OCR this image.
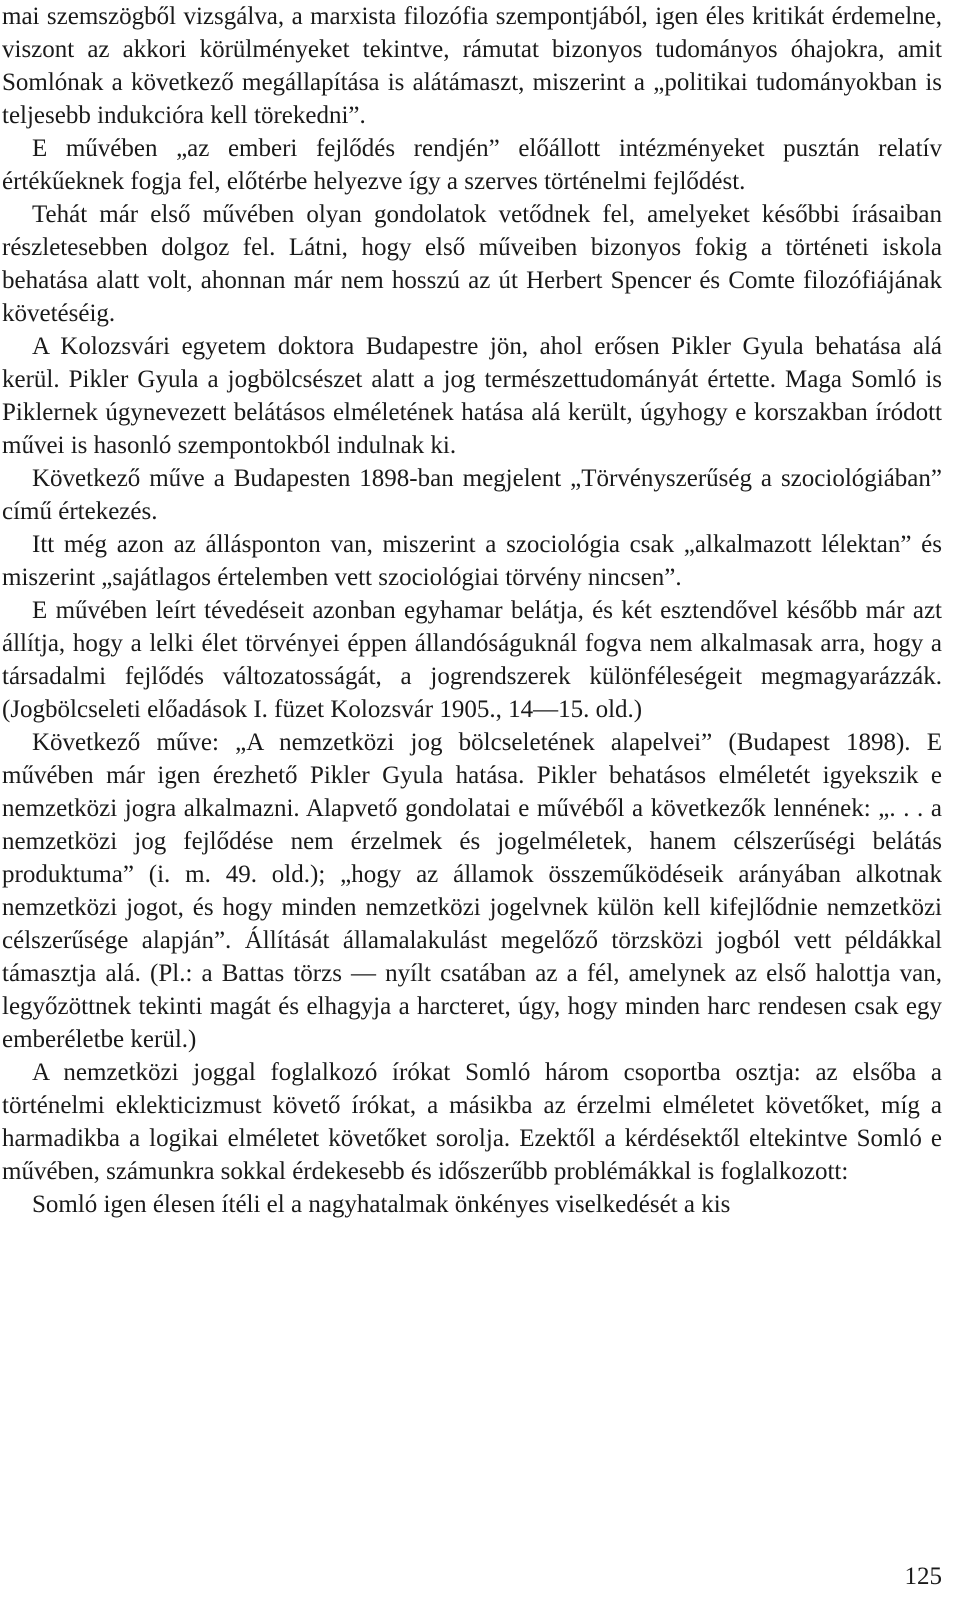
mai szemszögből vizsgálva, a marxista filozófia szempontjából, igen éles kritikát érdemelne, viszont az akkori körülményeket tekintve, rámutat bizonyos tudományos óhajokra, amit Somlónak a következő megállapítása is alátámaszt, miszerint a „politikai tudományokban is teljesebb indukcióra kell törekedni”.

E művében „az emberi fejlődés rendjén” előállott intézményeket pusztán relatív értékűeknek fogja fel, előtérbe helyezve így a szerves történelmi fejlődést.

Tehát már első művében olyan gondolatok vetődnek fel, amelyeket későbbi írásaiban részletesebben dolgoz fel. Látni, hogy első műveiben bizonyos fokig a történeti iskola behatása alatt volt, ahonnan már nem hosszú az út Herbert Spencer és Comte filozófiájának követéséig.

A Kolozsvári egyetem doktora Budapestre jön, ahol erősen Pikler Gyula behatása alá kerül. Pikler Gyula a jogbölcsészet alatt a jog természettudományát értette. Maga Somló is Piklernek úgynevezett belátásos elméletének hatása alá került, úgyhogy e korszakban íródott művei is hasonló szempontokból indulnak ki.

Következő műve a Budapesten 1898-ban megjelent „Törvényszerűség a szociológiában” című értekezés.

Itt még azon az állásponton van, miszerint a szociológia csak „alkalmazott lélektan” és miszerint „sajátlagos értelemben vett szociológiai törvény nincsen”.

E művében leírt tévedéseit azonban egyhamar belátja, és két esztendővel később már azt állítja, hogy a lelki élet törvényei éppen állandóságuknál fogva nem alkalmasak arra, hogy a társadalmi fejlődés változatosságát, a jogrendszerek különféleségeit megmagyarázzák. (Jogbölcseleti előadások I. füzet Kolozsvár 1905., 14—15. old.)

Következő műve: „A nemzetközi jog bölcseletének alapelvei” (Budapest 1898). E művében már igen érezhető Pikler Gyula hatása. Pikler behatásos elméletét igyekszik e nemzetközi jogra alkalmazni. Alapvető gondolatai e művéből a következők lennének: „. . . a nemzetközi jog fejlődése nem érzelmek és jogelméletek, hanem célszerűségi belátás produktuma” (i. m. 49. old.); „hogy az államok összeműködéseik arányában alkotnak nemzetközi jogot, és hogy minden nemzetközi jogelvnek külön kell kifejlődnie nemzetközi célszerűsége alapján”. Állítását államalakulást megelőző törzsközi jogból vett példákkal támasztja alá. (Pl.: a Battas törzs — nyílt csatában az a fél, amelynek az első halottja van, legyőzöttnek tekinti magát és elhagyja a harcteret, úgy, hogy minden harc rendesen csak egy emberéletbe kerül.)

A nemzetközi joggal foglalkozó írókat Somló három csoportba osztja: az elsőba a történelmi eklekticizmust követő írókat, a másikba az érzelmi elméletet követőket, míg a harmadikba a logikai elméletet követőket sorolja. Ezektől a kérdésektől eltekintve Somló e művében, számunkra sokkal érdekesebb és időszerűbb problémákkal is foglalkozott:

Somló igen élesen ítéli el a nagyhatalmak önkényes viselkedését a kis

125
